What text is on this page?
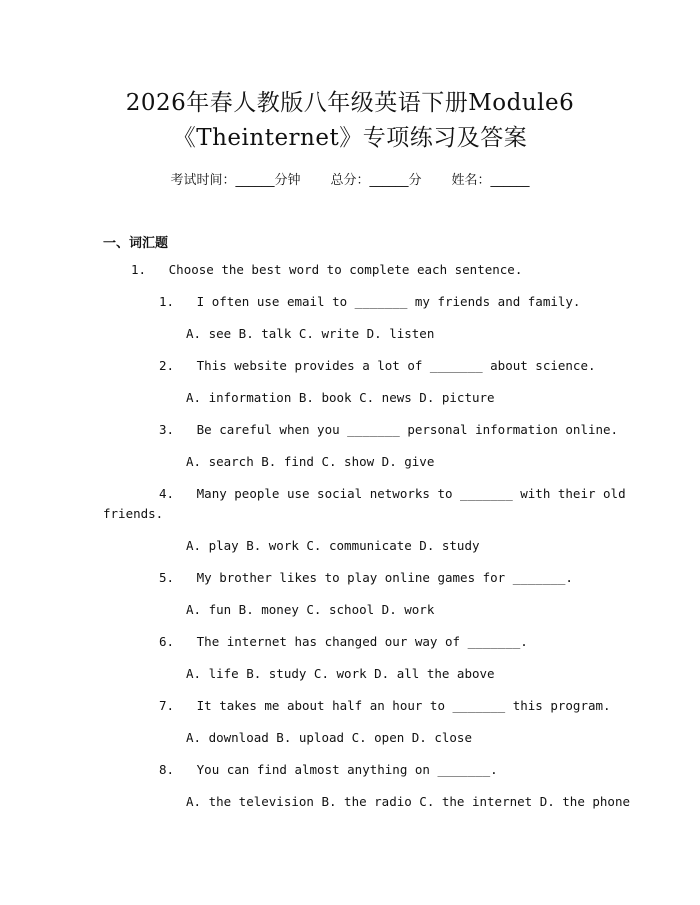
2026年春人教版八年级英语下册Module6
《Theinternet》专项练习及答案
考试时间：______分钟 总分：______分 姓名：______
一、词汇题
1. Choose the best word to complete each sentence.
1. I often use email to _______ my friends and family.
A. see B. talk C. write D. listen
2. This website provides a lot of _______ about science.
A. information B. book C. news D. picture
3. Be careful when you _______ personal information online.
A. search B. find C. show D. give
4. Many people use social networks to _______ with their old
friends.
A. play B. work C. communicate D. study
5. My brother likes to play online games for _______.
A. fun B. money C. school D. work
6. The internet has changed our way of _______.
A. life B. study C. work D. all the above
7. It takes me about half an hour to _______ this program.
A. download B. upload C. open D. close
8. You can find almost anything on _______.
A. the television B. the radio C. the internet D. the phone
